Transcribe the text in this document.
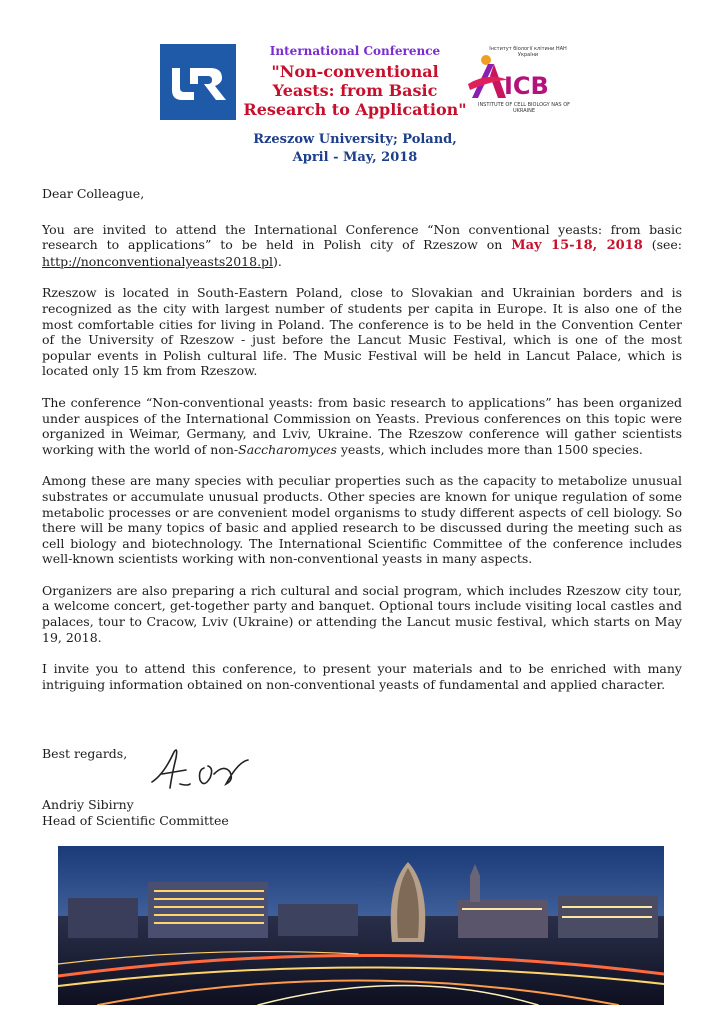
International Conference
"Non-conventional Yeasts: from Basic Research to Application"
Rzeszow University; Poland,
April - May, 2018
Інститут біології клітини НАН України
ICB
INSTITUTE OF CELL BIOLOGY NAS OF UKRAINE

Dear Colleague,

You are invited to attend the International Conference “Non conventional yeasts: from basic research to applications” to be held in Polish city of Rzeszow on May 15-18, 2018 (see: http://nonconventionalyeasts2018.pl).

Rzeszow is located in South-Eastern Poland, close to Slovakian and Ukrainian borders and is recognized as the city with largest number of students per capita in Europe. It is also one of the most comfortable cities for living in Poland. The conference is to be held in the Convention Center of the University of Rzeszow - just before the Lancut Music Festival, which is one of the most popular events in Polish cultural life. The Music Festival will be held in Lancut Palace, which is located only 15 km from Rzeszow.

The conference “Non-conventional yeasts: from basic research to applications” has been organized under auspices of the International Commission on Yeasts. Previous conferences on this topic were organized in Weimar, Germany, and Lviv, Ukraine. The Rzeszow conference will gather scientists working with the world of non-Saccharomyces yeasts, which includes more than 1500 species.

Among these are many species with peculiar properties such as the capacity to metabolize unusual substrates or accumulate unusual products. Other species are known for unique regulation of some metabolic processes or are convenient model organisms to study different aspects of cell biology. So there will be many topics of basic and applied research to be discussed during the meeting such as cell biology and biotechnology. The International Scientific Committee of the conference includes well-known scientists working with non-conventional yeasts in many aspects.

Organizers are also preparing a rich cultural and social program, which includes Rzeszow city tour, a welcome concert, get-together party and banquet. Optional tours include visiting local castles and palaces, tour to Cracow, Lviv (Ukraine) or attending the Lancut music festival, which starts on May 19, 2018.

I invite you to attend this conference, to present your materials and to be enriched with many intriguing information obtained on non-conventional yeasts of fundamental and applied character.

Best regards,
Andriy Sibirny
Head of Scientific Committee
